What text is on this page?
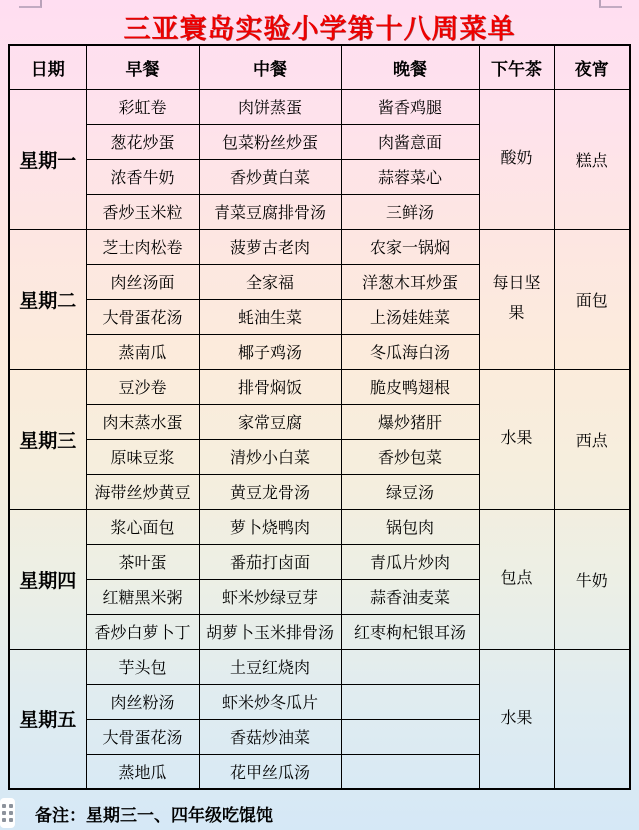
三亚寰岛实验小学第十八周菜单
日期	早餐	中餐	晚餐	下午茶	夜宵
星期一	彩虹卷	肉饼蒸蛋	酱香鸡腿	酸奶	糕点
	葱花炒蛋	包菜粉丝炒蛋	肉酱意面		
	浓香牛奶	香炒黄白菜	蒜蓉菜心		
	香炒玉米粒	青菜豆腐排骨汤	三鲜汤		
星期二	芝士肉松卷	菠萝古老肉	农家一锅焖	每日坚果	面包
	肉丝汤面	全家福	洋葱木耳炒蛋		
	大骨蛋花汤	蚝油生菜	上汤娃娃菜		
	蒸南瓜	椰子鸡汤	冬瓜海白汤		
星期三	豆沙卷	排骨焖饭	脆皮鸭翅根	水果	西点
	肉末蒸水蛋	家常豆腐	爆炒猪肝		
	原味豆浆	清炒小白菜	香炒包菜		
	海带丝炒黄豆	黄豆龙骨汤	绿豆汤		
星期四	浆心面包	萝卜烧鸭肉	锅包肉	包点	牛奶
	茶叶蛋	番茄打卤面	青瓜片炒肉		
	红糖黑米粥	虾米炒绿豆芽	蒜香油麦菜		
	香炒白萝卜丁	胡萝卜玉米排骨汤	红枣枸杞银耳汤		
星期五	芋头包	土豆红烧肉		水果	
	肉丝粉汤	虾米炒冬瓜片			
	大骨蛋花汤	香菇炒油菜			
	蒸地瓜	花甲丝瓜汤			
备注：星期三一、四年级吃馄饨
